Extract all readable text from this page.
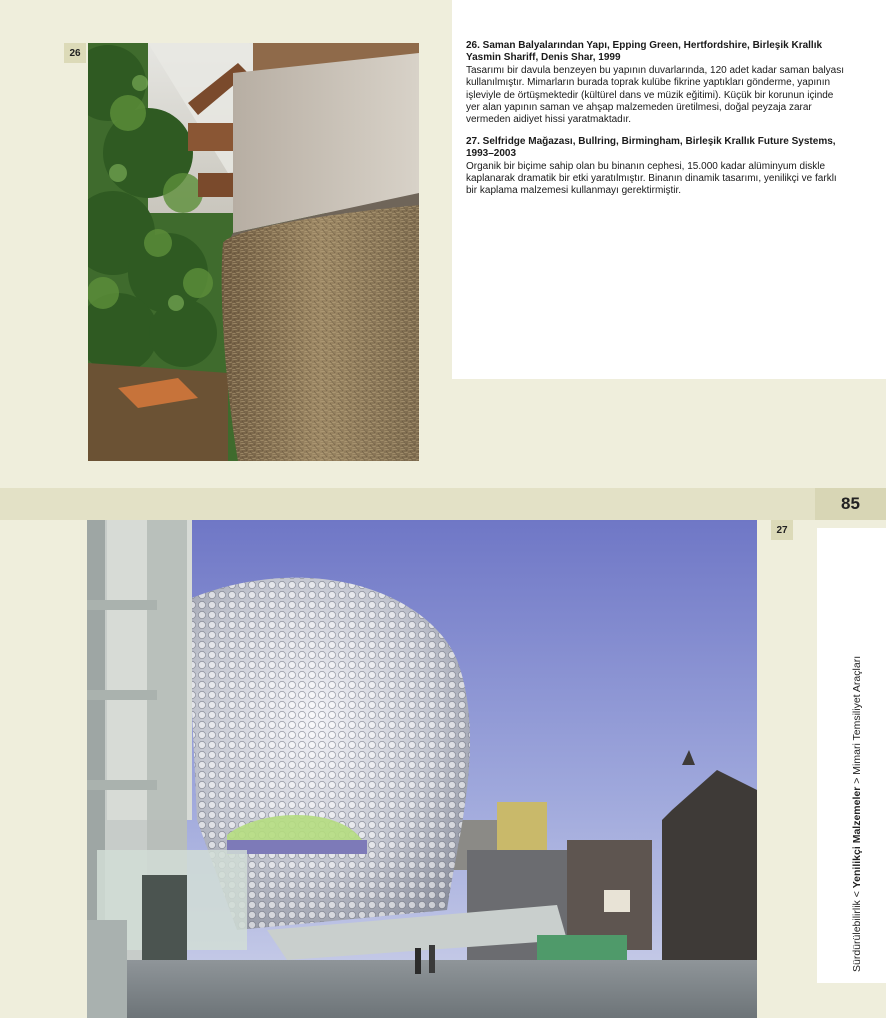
85
26. Saman Balyalarından Yapı, Epping Green, Hertfordshire, Birleşik Krallık Yasmin Shariff, Denis Shar, 1999
Tasarımı bir davula benzeyen bu yapının duvarlarında, 120 adet kadar saman balyası kullanılmıştır. Mimarların burada toprak kulübe fikrine yaptıkları gönderme, yapının işleviyle de örtüşmektedir (kültürel dans ve müzik eğitimi). Küçük bir korunun içinde yer alan yapının saman ve ahşap malzemeden üretilmesi, doğal peyzaja zarar vermeden aidiyet hissi yaratmaktadır.
27. Selfridge Mağazası, Bullring, Birmingham, Birleşik Krallık Future Systems, 1993–2003
Organik bir biçime sahip olan bu binanın cephesi, 15.000 kadar alüminyum diskle kaplanarak dramatik bir etki yaratılmıştır. Binanın dinamik tasarımı, yenilikçi ve farklı bir kaplama malzemesi kullanmayı gerektirmiştir.
26
27
Sürdürülebilirlik < Yenilikçi Malzemeler > Mimari Temsiliyet Araçları
